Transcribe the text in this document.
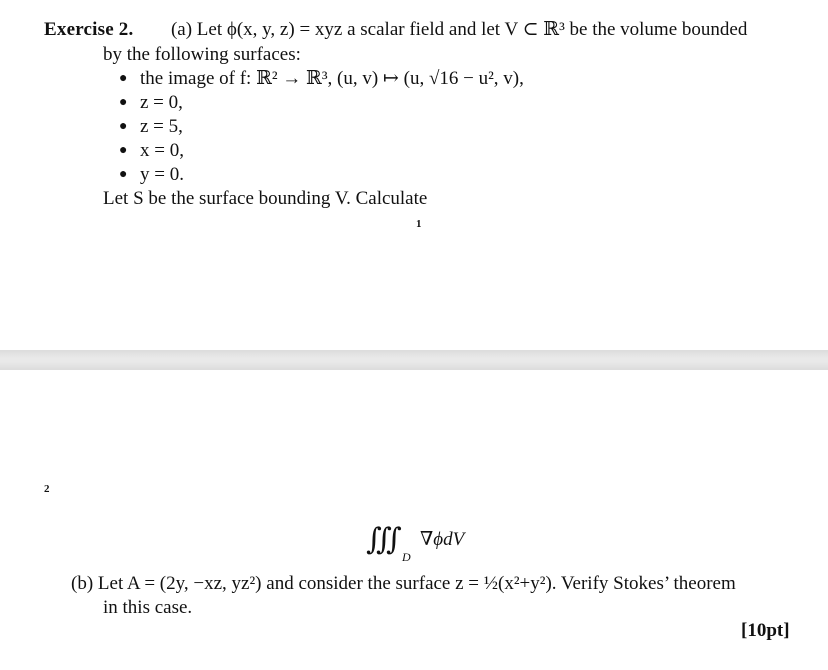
Exercise 2. (a) Let ϕ(x, y, z) = xyz a scalar field and let V ⊂ ℝ³ be the volume bounded
by the following surfaces:
● the image of f: ℝ² → ℝ³, (u, v) ↦ (u, √16 − u², v),
● z = 0,
● z = 5,
● x = 0,
● y = 0.
Let S be the surface bounding V. Calculate
1
2
∭
D
∇ϕdV
(b) Let A = (2y, −xz, yz²) and consider the surface z = ½(x²+y²). Verify Stokes’ theorem
in this case.
[10pt]
